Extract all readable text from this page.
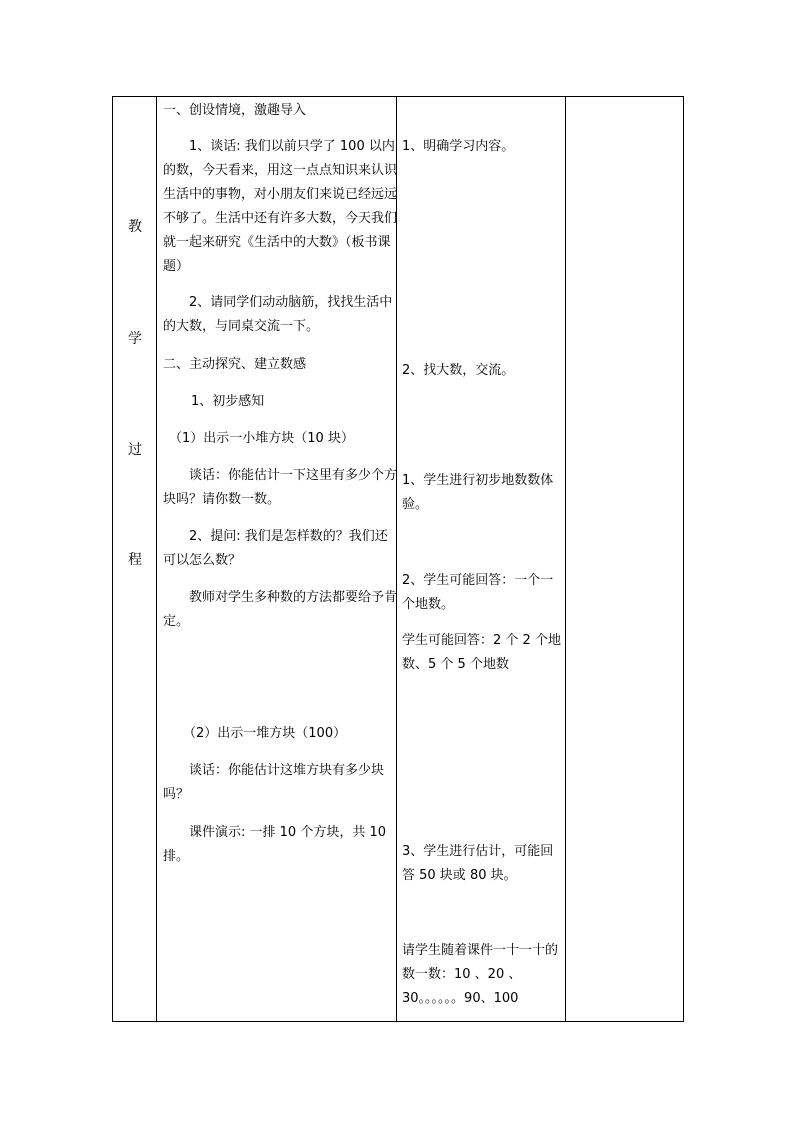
教
学
过
程

一、创设情境，激趣导入

1、谈话: 我们以前只学了 100 以内的数，今天看来，用这一点点知识来认识生活中的事物，对小朋友们来说已经远远不够了。生活中还有许多大数，今天我们就一起来研究《生活中的大数》（板书课题）

2、请同学们动动脑筋，找找生活中的大数，与同桌交流一下。

二、主动探究、建立数感

1、初步感知

（1）出示一小堆方块（10 块）

谈话：你能估计一下这里有多少个方块吗？请你数一数。

2、提问: 我们是怎样数的？我们还可以怎么数？

教师对学生多种数的方法都要给予肯定。

（2）出示一堆方块（100）

谈话：你能估计这堆方块有多少块吗？

课件演示: 一排 10 个方块，共 10 排。

1、明确学习内容。

2、找大数，交流。

1、学生进行初步地数数体验。

2、学生可能回答：一个一个地数。

学生可能回答：2 个 2 个地数、5 个 5 个地数

3、学生进行估计，可能回答 50 块或 80 块。

请学生随着课件一十一十的数一数：10 、20 、30。。。。。。90、100
